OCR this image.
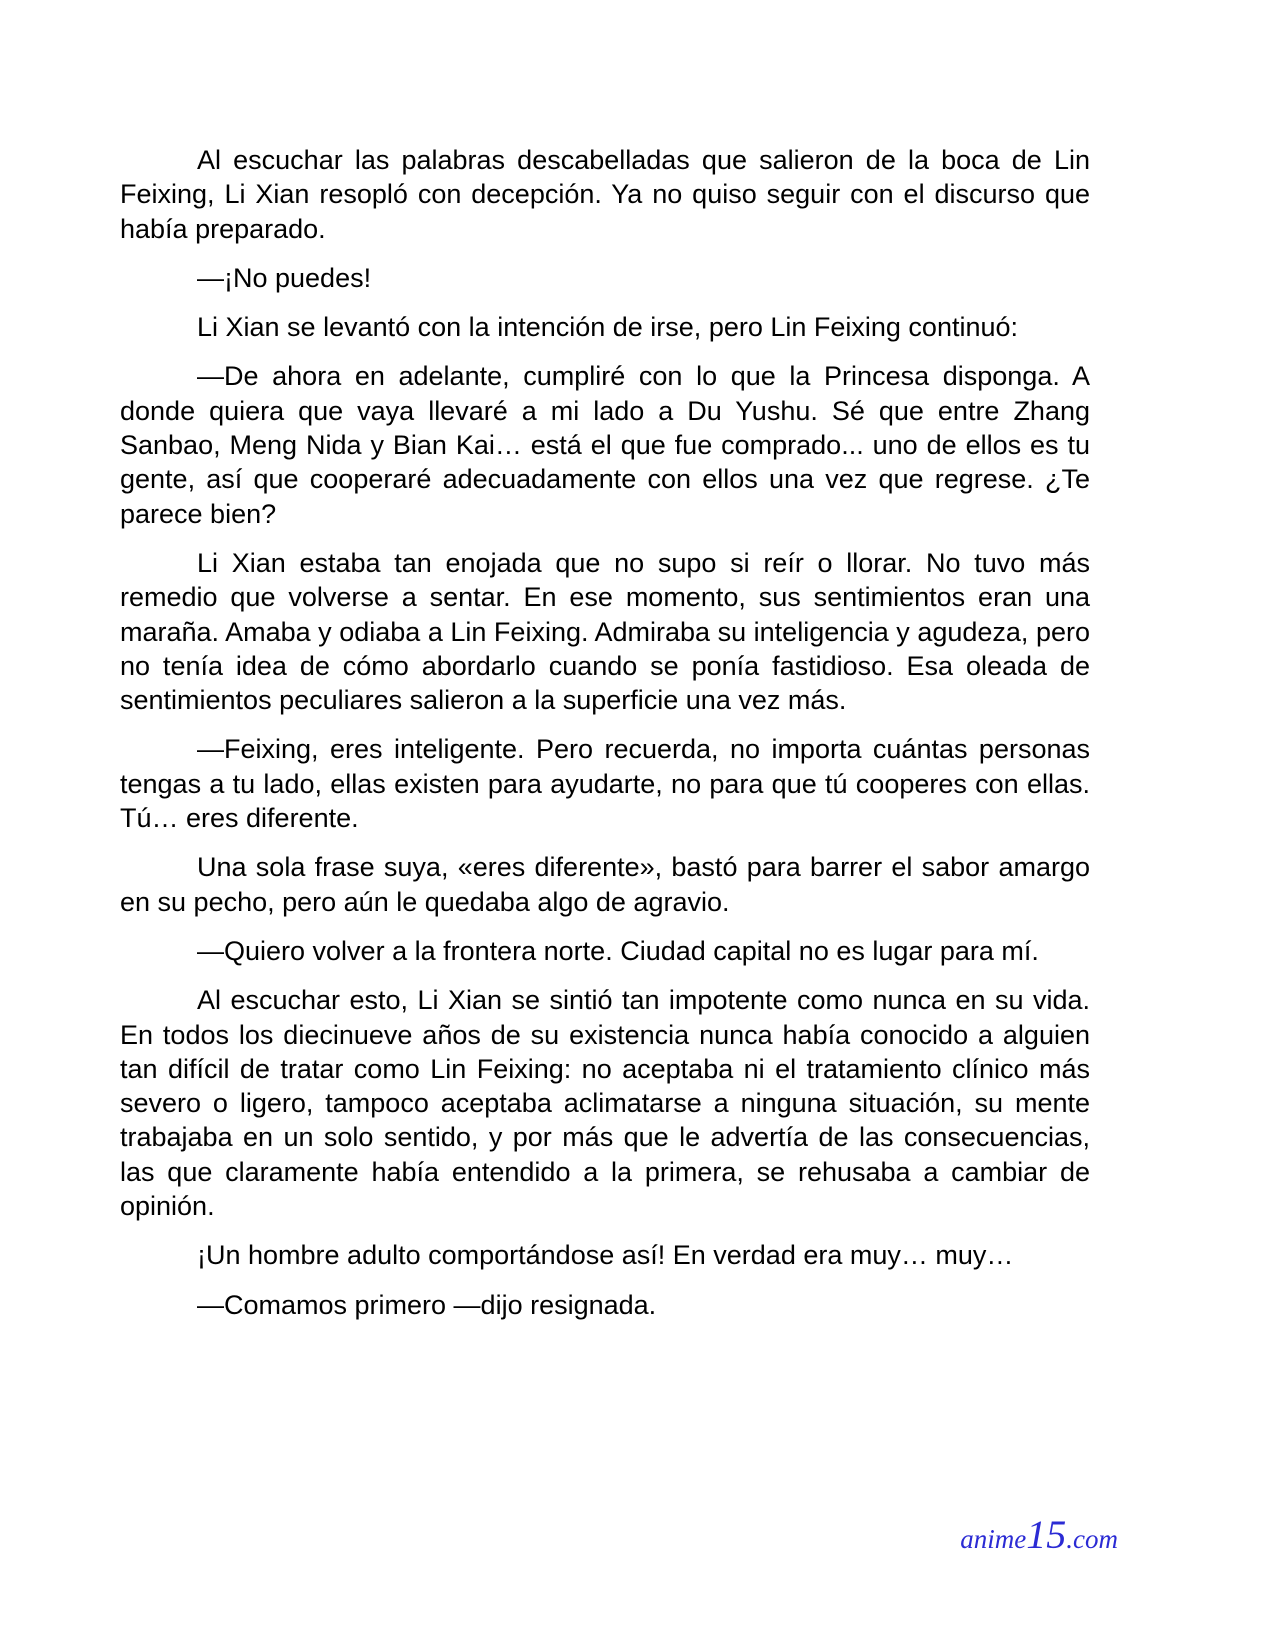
Al escuchar las palabras descabelladas que salieron de la boca de Lin Feixing, Li Xian resopló con decepción. Ya no quiso seguir con el discurso que había preparado.

—¡No puedes!

Li Xian se levantó con la intención de irse, pero Lin Feixing continuó:

—De ahora en adelante, cumpliré con lo que la Princesa disponga. A donde quiera que vaya llevaré a mi lado a Du Yushu. Sé que entre Zhang Sanbao, Meng Nida y Bian Kai… está el que fue comprado... uno de ellos es tu gente, así que cooperaré adecuadamente con ellos una vez que regrese. ¿Te parece bien?

Li Xian estaba tan enojada que no supo si reír o llorar. No tuvo más remedio que volverse a sentar. En ese momento, sus sentimientos eran una maraña. Amaba y odiaba a Lin Feixing. Admiraba su inteligencia y agudeza, pero no tenía idea de cómo abordarlo cuando se ponía fastidioso. Esa oleada de sentimientos peculiares salieron a la superficie una vez más.

—Feixing, eres inteligente. Pero recuerda, no importa cuántas personas tengas a tu lado, ellas existen para ayudarte, no para que tú cooperes con ellas. Tú… eres diferente.

Una sola frase suya, «eres diferente», bastó para barrer el sabor amargo en su pecho, pero aún le quedaba algo de agravio.

—Quiero volver a la frontera norte. Ciudad capital no es lugar para mí.

Al escuchar esto, Li Xian se sintió tan impotente como nunca en su vida. En todos los diecinueve años de su existencia nunca había conocido a alguien tan difícil de tratar como Lin Feixing: no aceptaba ni el tratamiento clínico más severo o ligero, tampoco aceptaba aclimatarse a ninguna situación, su mente trabajaba en un solo sentido, y por más que le advertía de las consecuencias, las que claramente había entendido a la primera, se rehusaba a cambiar de opinión.

¡Un hombre adulto comportándose así! En verdad era muy… muy…

—Comamos primero —dijo resignada.

anime15.com
